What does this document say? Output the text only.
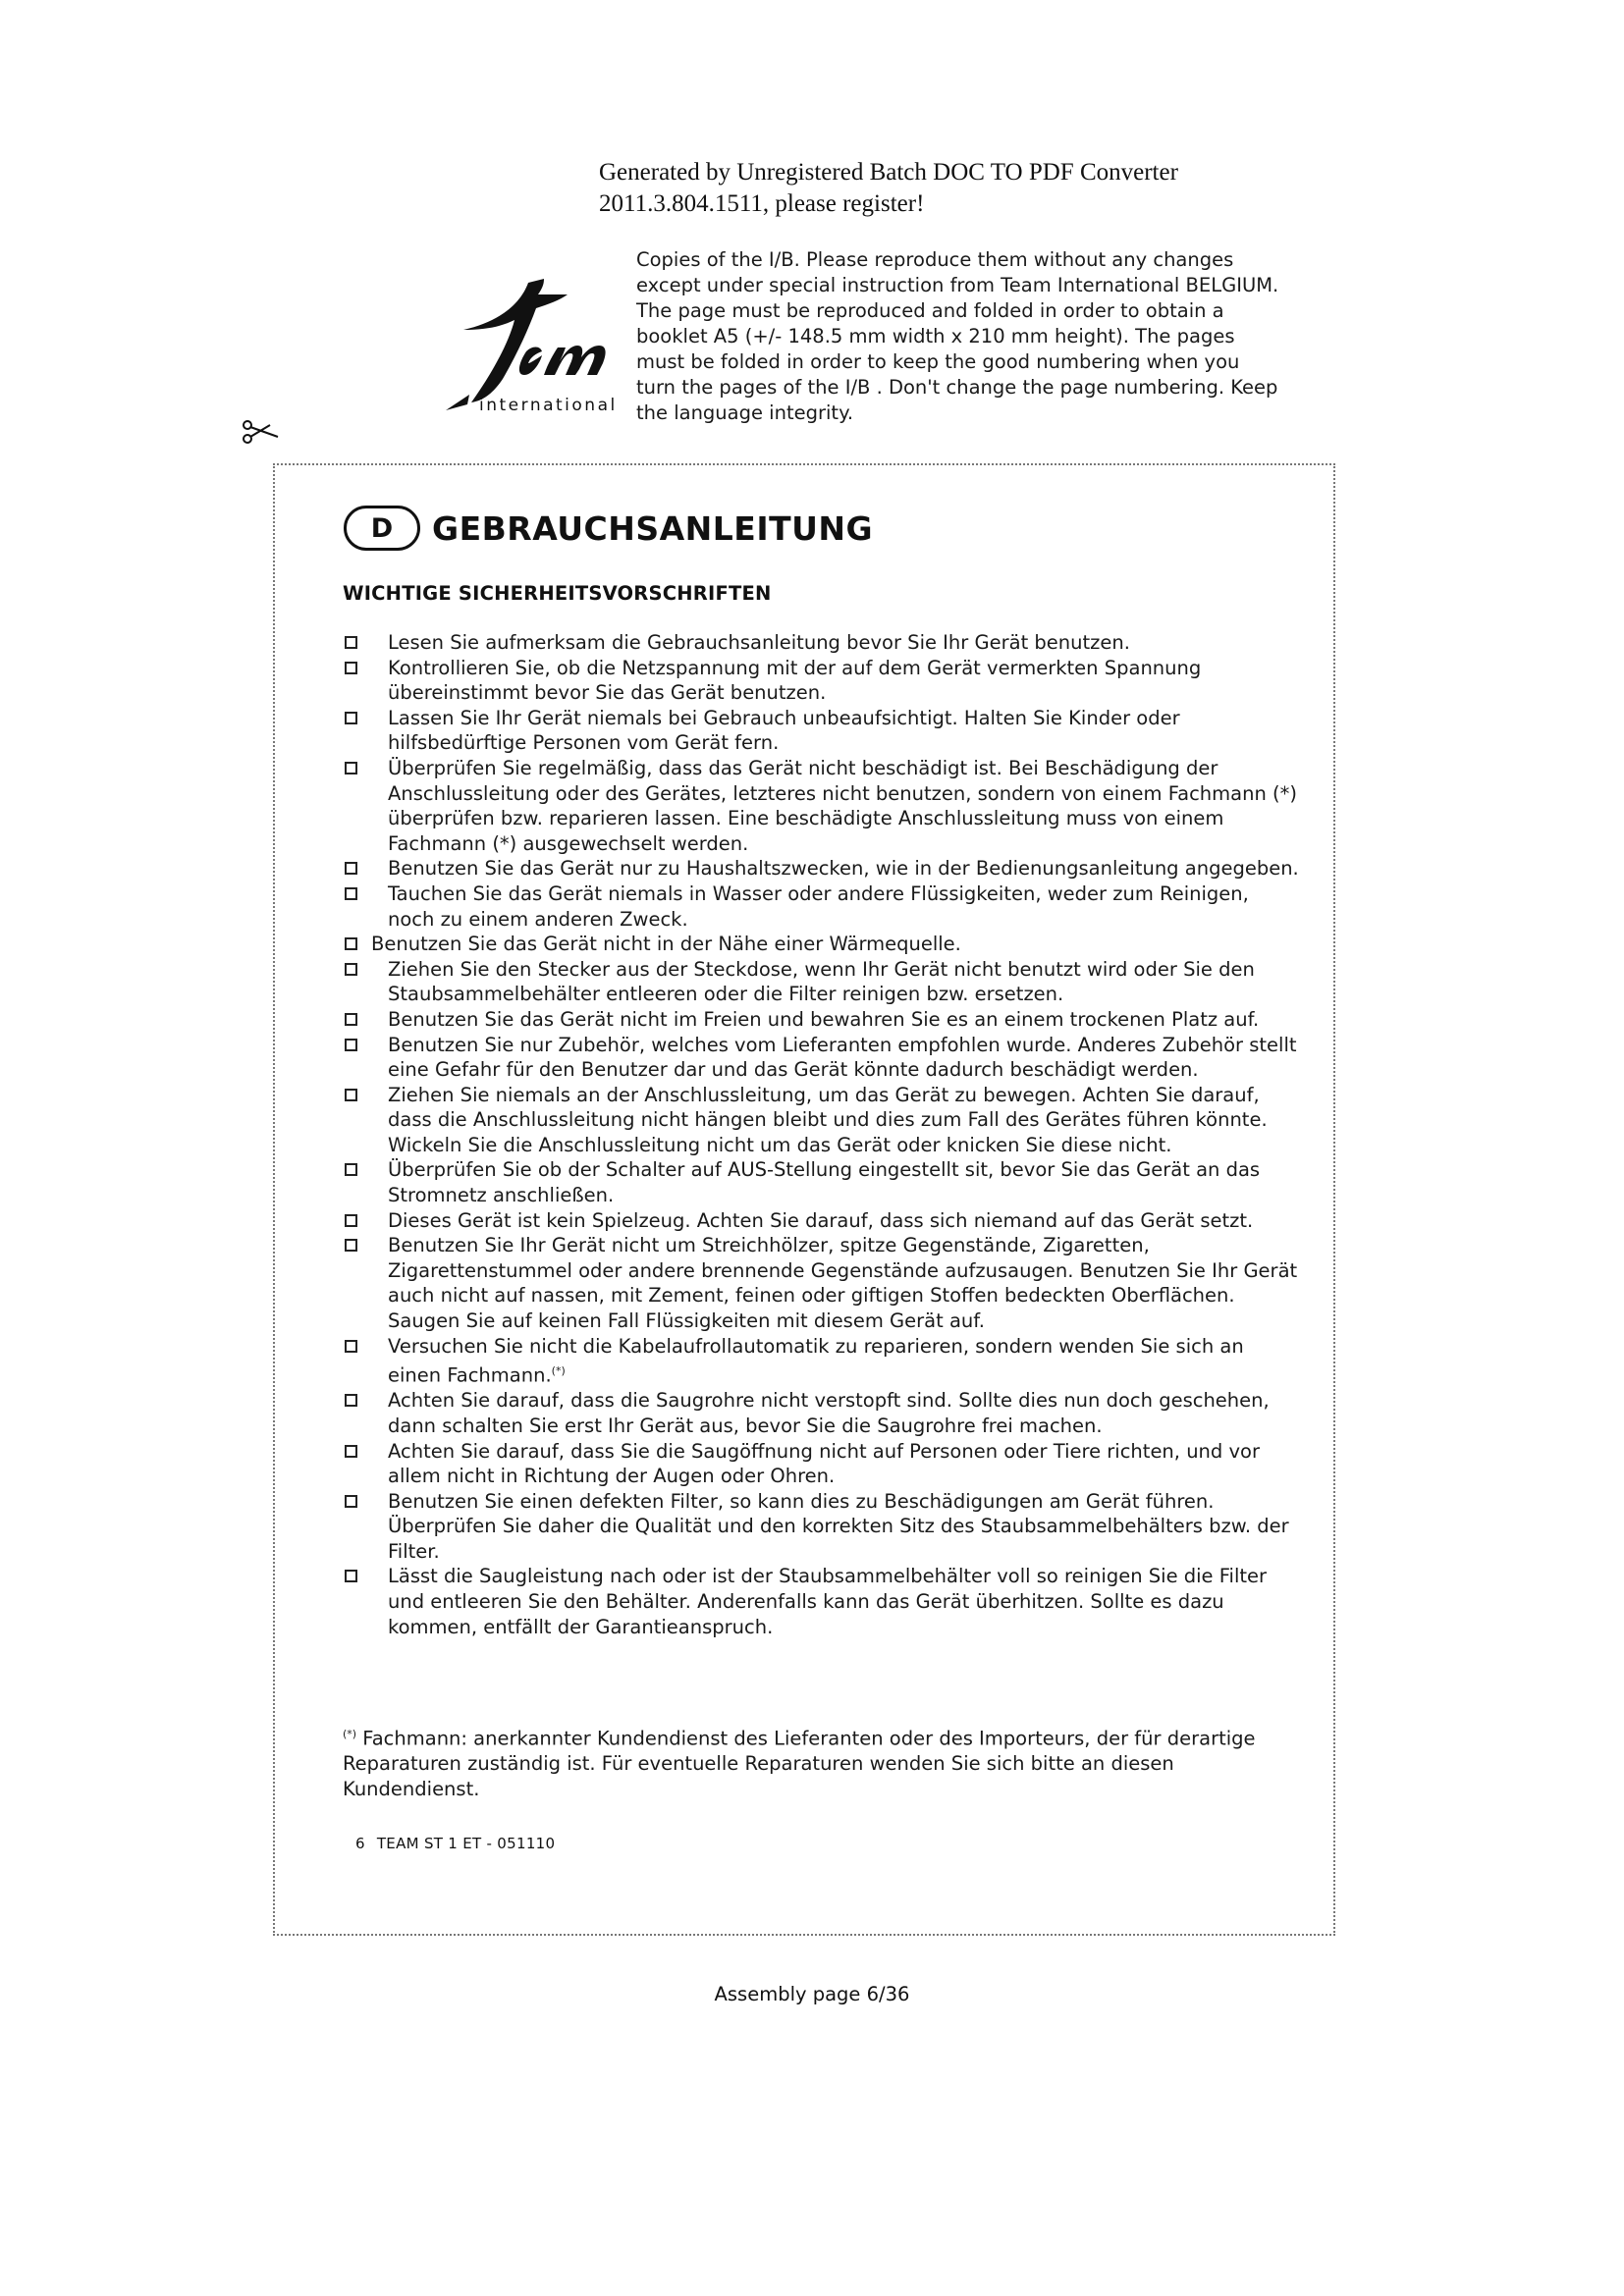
Generated by Unregistered Batch DOC TO PDF Converter
2011.3.804.1511, please register!
international
Copies of the I/B. Please reproduce them without any changes except under special instruction from Team International BELGIUM. The page must be reproduced and folded in order to obtain a booklet A5 (+/- 148.5 mm width x 210 mm height). The pages must be folded in order to keep the good numbering when you turn the pages of the I/B . Don't change the page numbering. Keep the language integrity.
D	GEBRAUCHSANLEITUNG
WICHTIGE SICHERHEITSVORSCHRIFTEN
Lesen Sie aufmerksam die Gebrauchsanleitung bevor Sie Ihr Gerät benutzen.
Kontrollieren Sie, ob die Netzspannung mit der auf dem Gerät vermerkten Spannung übereinstimmt bevor Sie das Gerät benutzen.
Lassen Sie Ihr Gerät niemals bei Gebrauch unbeaufsichtigt. Halten Sie Kinder oder hilfsbedürftige Personen vom Gerät fern.
Überprüfen Sie regelmäßig, dass das Gerät nicht beschädigt ist. Bei Beschädigung der Anschlussleitung oder des Gerätes, letzteres nicht benutzen, sondern von einem Fachmann (*) überprüfen bzw. reparieren lassen. Eine beschädigte Anschlussleitung muss von einem Fachmann (*) ausgewechselt werden.
Benutzen Sie das Gerät nur zu Haushaltszwecken, wie in der Bedienungsanleitung angegeben.
Tauchen Sie das Gerät niemals in Wasser oder andere Flüssigkeiten, weder zum Reinigen, noch zu einem anderen Zweck.
Benutzen Sie das Gerät nicht in der Nähe einer Wärmequelle.
Ziehen Sie den Stecker aus der Steckdose, wenn Ihr Gerät nicht benutzt wird oder Sie den Staubsammelbehälter entleeren oder die Filter reinigen bzw. ersetzen.
Benutzen Sie das Gerät nicht im Freien und bewahren Sie es an einem trockenen Platz auf.
Benutzen Sie nur Zubehör, welches vom Lieferanten empfohlen wurde. Anderes Zubehör stellt eine Gefahr für den Benutzer dar und das Gerät könnte dadurch beschädigt werden.
Ziehen Sie niemals an der Anschlussleitung, um das Gerät zu bewegen. Achten Sie darauf, dass die Anschlussleitung nicht hängen bleibt und dies zum Fall des Gerätes führen könnte. Wickeln Sie die Anschlussleitung nicht um das Gerät oder knicken Sie diese nicht.
Überprüfen Sie ob der Schalter auf AUS-Stellung eingestellt sit, bevor Sie das Gerät an das Stromnetz anschließen.
Dieses Gerät ist kein Spielzeug. Achten Sie darauf, dass sich niemand auf das Gerät setzt.
Benutzen Sie Ihr Gerät nicht um Streichhölzer, spitze Gegenstände, Zigaretten, Zigarettenstummel oder andere brennende Gegenstände aufzusaugen. Benutzen Sie Ihr Gerät auch nicht auf nassen, mit Zement, feinen oder giftigen Stoffen bedeckten Oberflächen. Saugen Sie auf keinen Fall Flüssigkeiten mit diesem Gerät auf.
Versuchen Sie nicht die Kabelaufrollautomatik zu reparieren, sondern wenden Sie sich an einen Fachmann.(*)
Achten Sie darauf, dass die Saugrohre nicht verstopft sind. Sollte dies nun doch geschehen, dann schalten Sie erst Ihr Gerät aus, bevor Sie die Saugrohre frei machen.
Achten Sie darauf, dass Sie die Saugöffnung nicht auf Personen oder Tiere richten, und vor allem nicht in Richtung der Augen oder Ohren.
Benutzen Sie einen defekten Filter, so kann dies zu Beschädigungen am Gerät führen. Überprüfen Sie daher die Qualität und den korrekten Sitz des Staubsammelbehälters bzw. der Filter.
Lässt die Saugleistung nach oder ist der Staubsammelbehälter voll so reinigen Sie die Filter und entleeren Sie den Behälter. Anderenfalls kann das Gerät überhitzen. Sollte es dazu kommen, entfällt der Garantieanspruch.
(*) Fachmann: anerkannter Kundendienst des Lieferanten oder des Importeurs, der für derartige Reparaturen zuständig ist. Für eventuelle Reparaturen wenden Sie sich bitte an diesen Kundendienst.
6 TEAM ST 1 ET - 051110
Assembly page 6/36
